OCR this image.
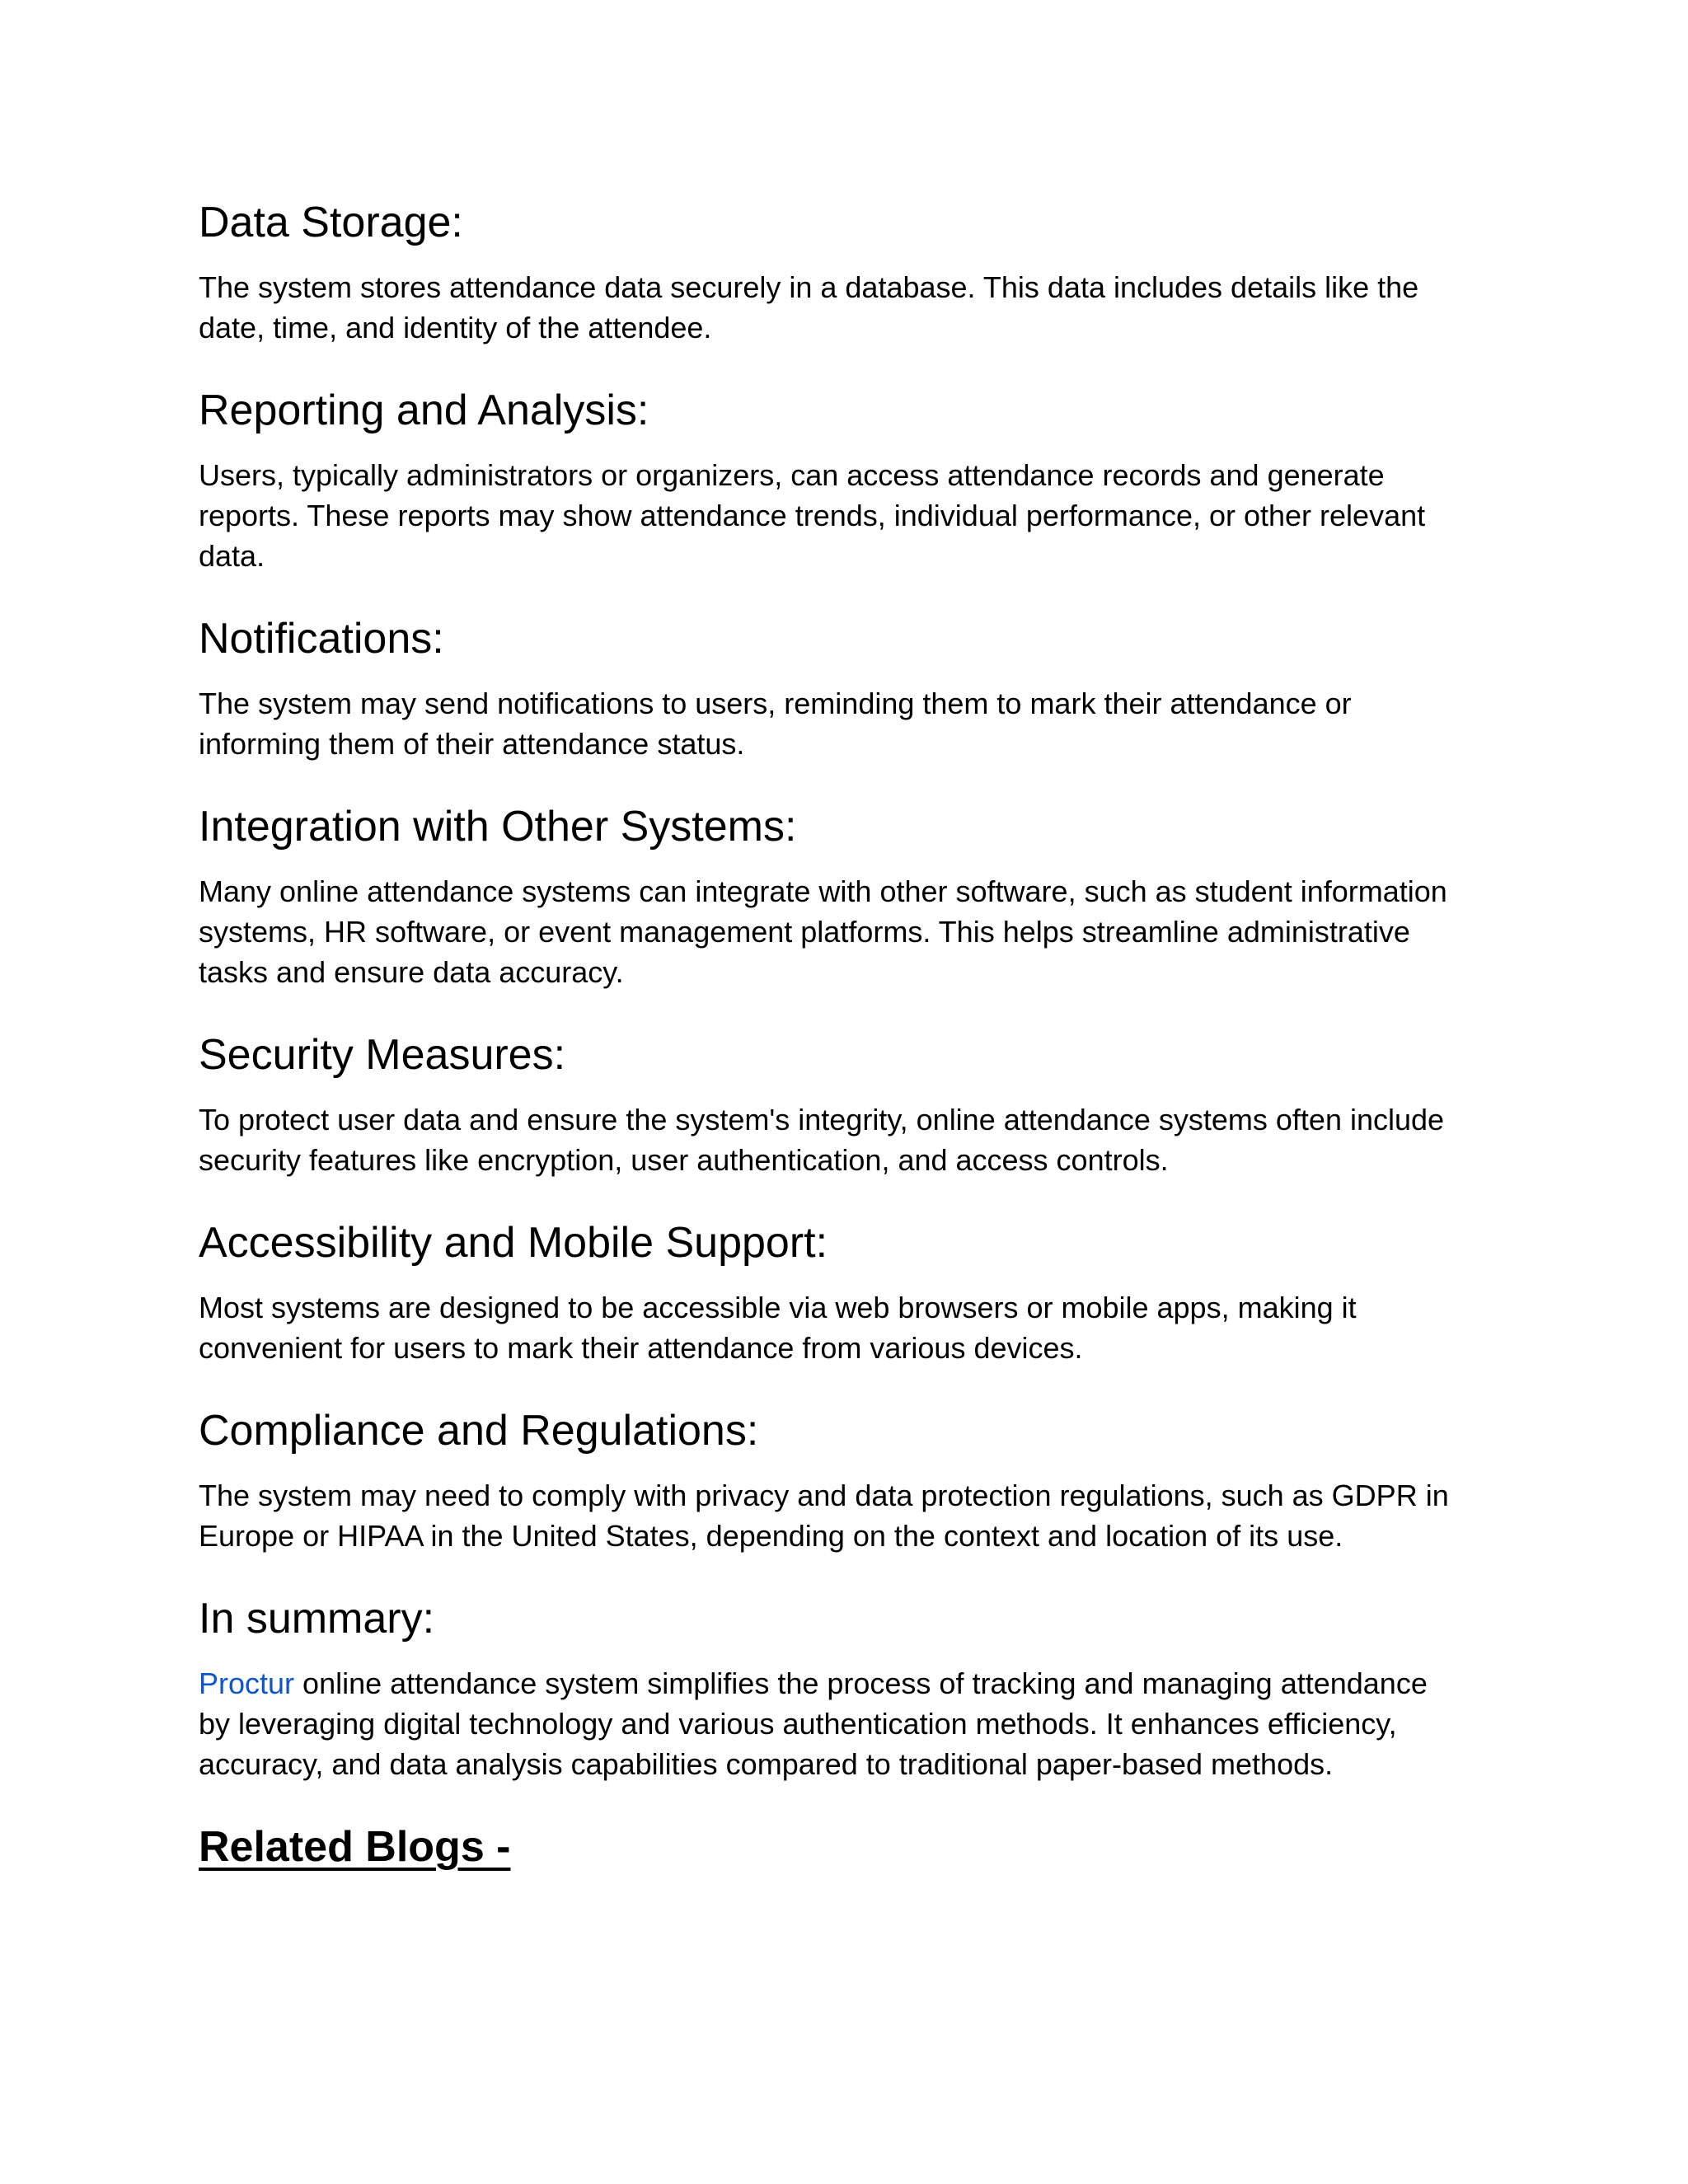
Data Storage:
The system stores attendance data securely in a database. This data includes details like the
date, time, and identity of the attendee.
Reporting and Analysis:
Users, typically administrators or organizers, can access attendance records and generate
reports. These reports may show attendance trends, individual performance, or other relevant
data.
Notifications:
The system may send notifications to users, reminding them to mark their attendance or
informing them of their attendance status.
Integration with Other Systems:
Many online attendance systems can integrate with other software, such as student information
systems, HR software, or event management platforms. This helps streamline administrative
tasks and ensure data accuracy.
Security Measures:
To protect user data and ensure the system's integrity, online attendance systems often include
security features like encryption, user authentication, and access controls.
Accessibility and Mobile Support:
Most systems are designed to be accessible via web browsers or mobile apps, making it
convenient for users to mark their attendance from various devices.
Compliance and Regulations:
The system may need to comply with privacy and data protection regulations, such as GDPR in
Europe or HIPAA in the United States, depending on the context and location of its use.
In summary:
Proctur online attendance system simplifies the process of tracking and managing attendance
by leveraging digital technology and various authentication methods. It enhances efficiency,
accuracy, and data analysis capabilities compared to traditional paper-based methods.
Related Blogs -
